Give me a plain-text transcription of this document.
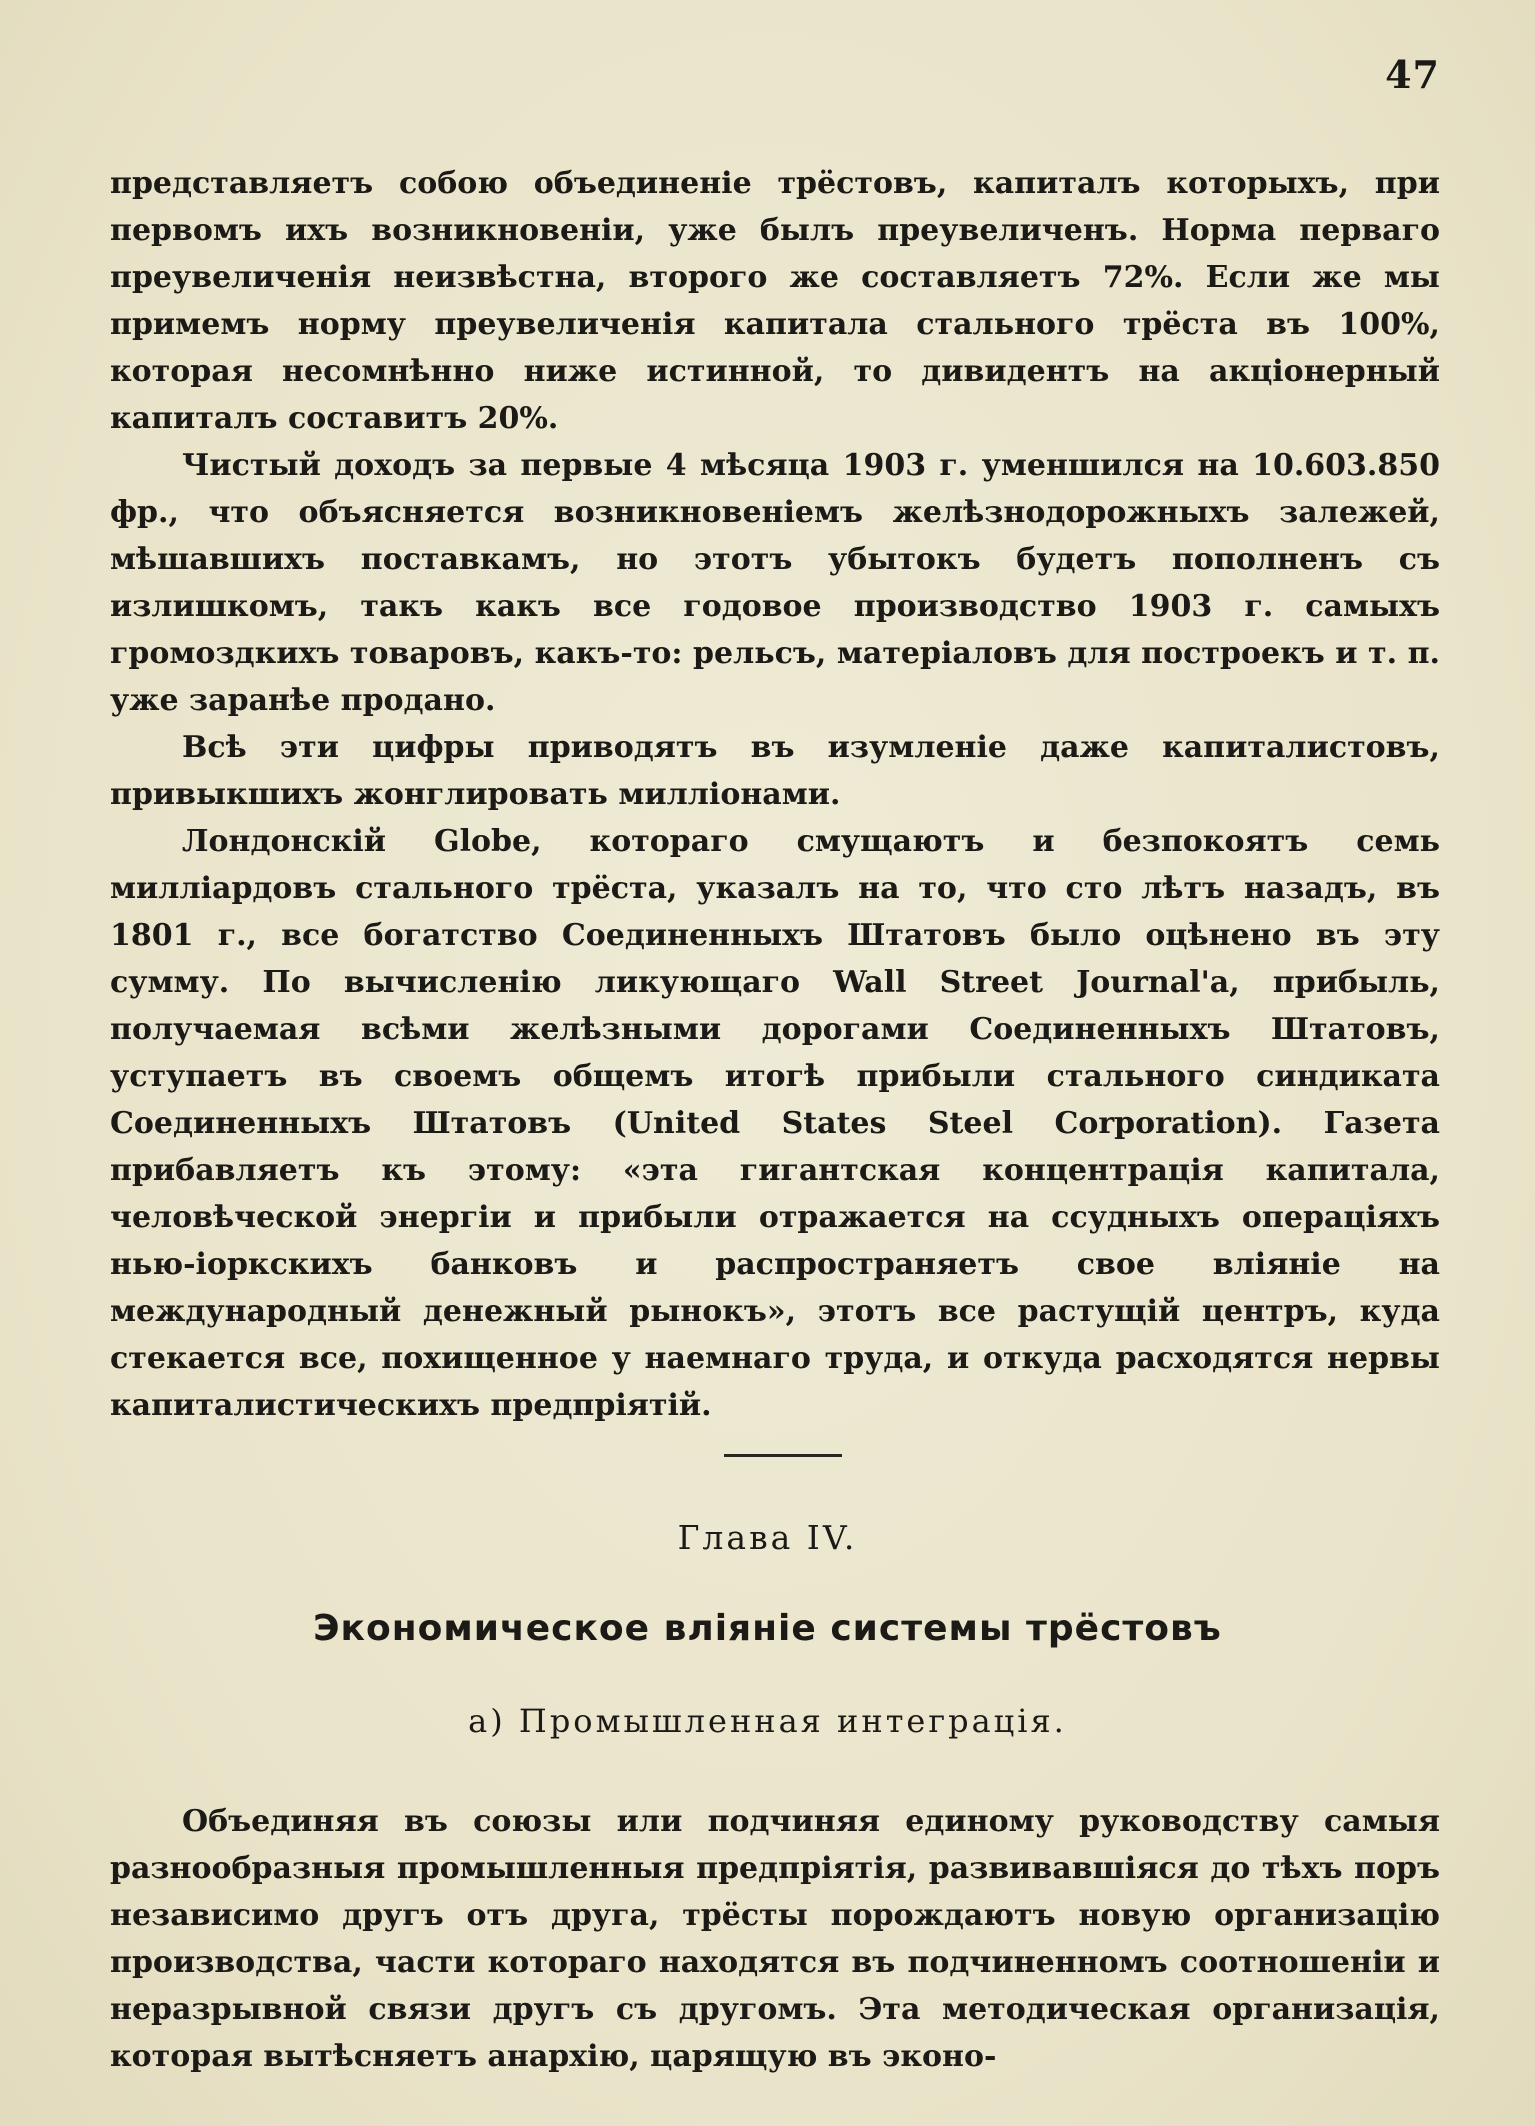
47

представляетъ собою объединеніе трёстовъ, капиталъ которыхъ, при первомъ ихъ возникновеніи, уже былъ преувеличенъ. Норма перваго преувеличенія неизвѣстна, второго же составляетъ 72%. Если же мы примемъ норму преувеличенія капитала стального трёста въ 100%, которая несомнѣнно ниже истинной, то дивидентъ на акціонерный капиталъ составитъ 20%.

Чистый доходъ за первые 4 мѣсяца 1903 г. уменшился на 10.603.850 фр., что объясняется возникновеніемъ желѣзнодорожныхъ залежей, мѣшавшихъ поставкамъ, но этотъ убытокъ будетъ пополненъ съ излишкомъ, такъ какъ все годовое производство 1903 г. самыхъ громоздкихъ товаровъ, какъ-то: рельсъ, матеріаловъ для построекъ и т. п. уже заранѣе продано.

Всѣ эти цифры приводятъ въ изумленіе даже капиталистовъ, привыкшихъ жонглировать милліонами.

Лондонскій Globe, котораго смущаютъ и безпокоятъ семь милліардовъ стального трёста, указалъ на то, что сто лѣтъ назадъ, въ 1801 г., все богатство Соединенныхъ Штатовъ было оцѣнено въ эту сумму. По вычисленію ликующаго Wall Street Journal'a, прибыль, получаемая всѣми желѣзными дорогами Соединенныхъ Штатовъ, уступаетъ въ своемъ общемъ итогѣ прибыли стального синдиката Соединенныхъ Штатовъ (United States Steel Corporation). Газета прибавляетъ къ этому: «эта гигантская концентрація капитала, человѣческой энергіи и прибыли отражается на ссудныхъ операціяхъ нью-іоркскихъ банковъ и распространяетъ свое вліяніе на международный денежный рынокъ», этотъ все растущій центръ, куда стекается все, похищенное у наемнаго труда, и откуда расходятся нервы капиталистическихъ предпріятій.

Глава IV.
Экономическое вліяніе системы трёстовъ
а) Промышленная интеграція.

Объединяя въ союзы или подчиняя единому руководству самыя разнообразныя промышленныя предпріятія, развивавшіяся до тѣхъ поръ независимо другъ отъ друга, трёсты порождаютъ новую организацію производства, части котораго находятся въ подчиненномъ соотношеніи и неразрывной связи другъ съ другомъ. Эта методическая организація, которая вытѣсняетъ анархію, царящую въ эконо-
